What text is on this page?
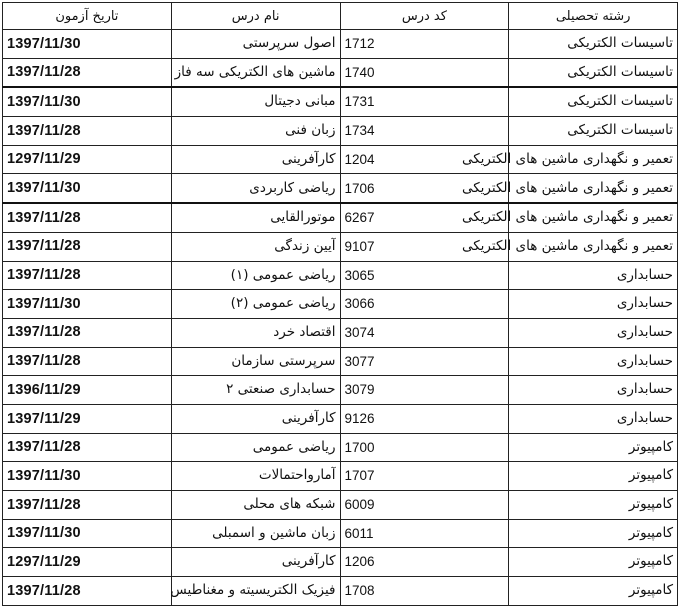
رشته تحصیلی	کد درس	نام درس	تاریخ آزمون
تاسیسات الکتریکی	1712	اصول سرپرستی	1397/11/30
تاسیسات الکتریکی	1740	ماشین های الکتریکی سه فاز	1397/11/28
تاسیسات الکتریکی	1731	مبانی دجیتال	1397/11/30
تاسیسات الکتریکی	1734	زبان فنی	1397/11/28
تعمیر و نگهداری ماشین های الکتریکی	1204	کارآفرینی	1297/11/29
تعمیر و نگهداری ماشین های الکتریکی	1706	ریاضی کاربردی	1397/11/30
تعمیر و نگهداری ماشین های الکتریکی	6267	موتورالقایی	1397/11/28
تعمیر و نگهداری ماشین های الکتریکی	9107	آیین زندگی	1397/11/28
حسابداری	3065	ریاضی عمومی (۱)	1397/11/28
حسابداری	3066	ریاضی عمومی (۲)	1397/11/30
حسابداری	3074	اقتصاد خرد	1397/11/28
حسابداری	3077	سرپرستی سازمان	1397/11/28
حسابداری	3079	حسابداری صنعتی ۲	1396/11/29
حسابداری	9126	کارآفرینی	1397/11/29
کامپیوتر	1700	ریاضی عمومی	1397/11/28
کامپیوتر	1707	آمارواحتمالات	1397/11/30
کامپیوتر	6009	شبکه های محلی	1397/11/28
کامپیوتر	6011	زبان ماشین و اسمبلی	1397/11/30
کامپیوتر	1206	کارآفرینی	1297/11/29
کامپیوتر	1708	فیزیک الکتریسیته و مغناطیس	1397/11/28
